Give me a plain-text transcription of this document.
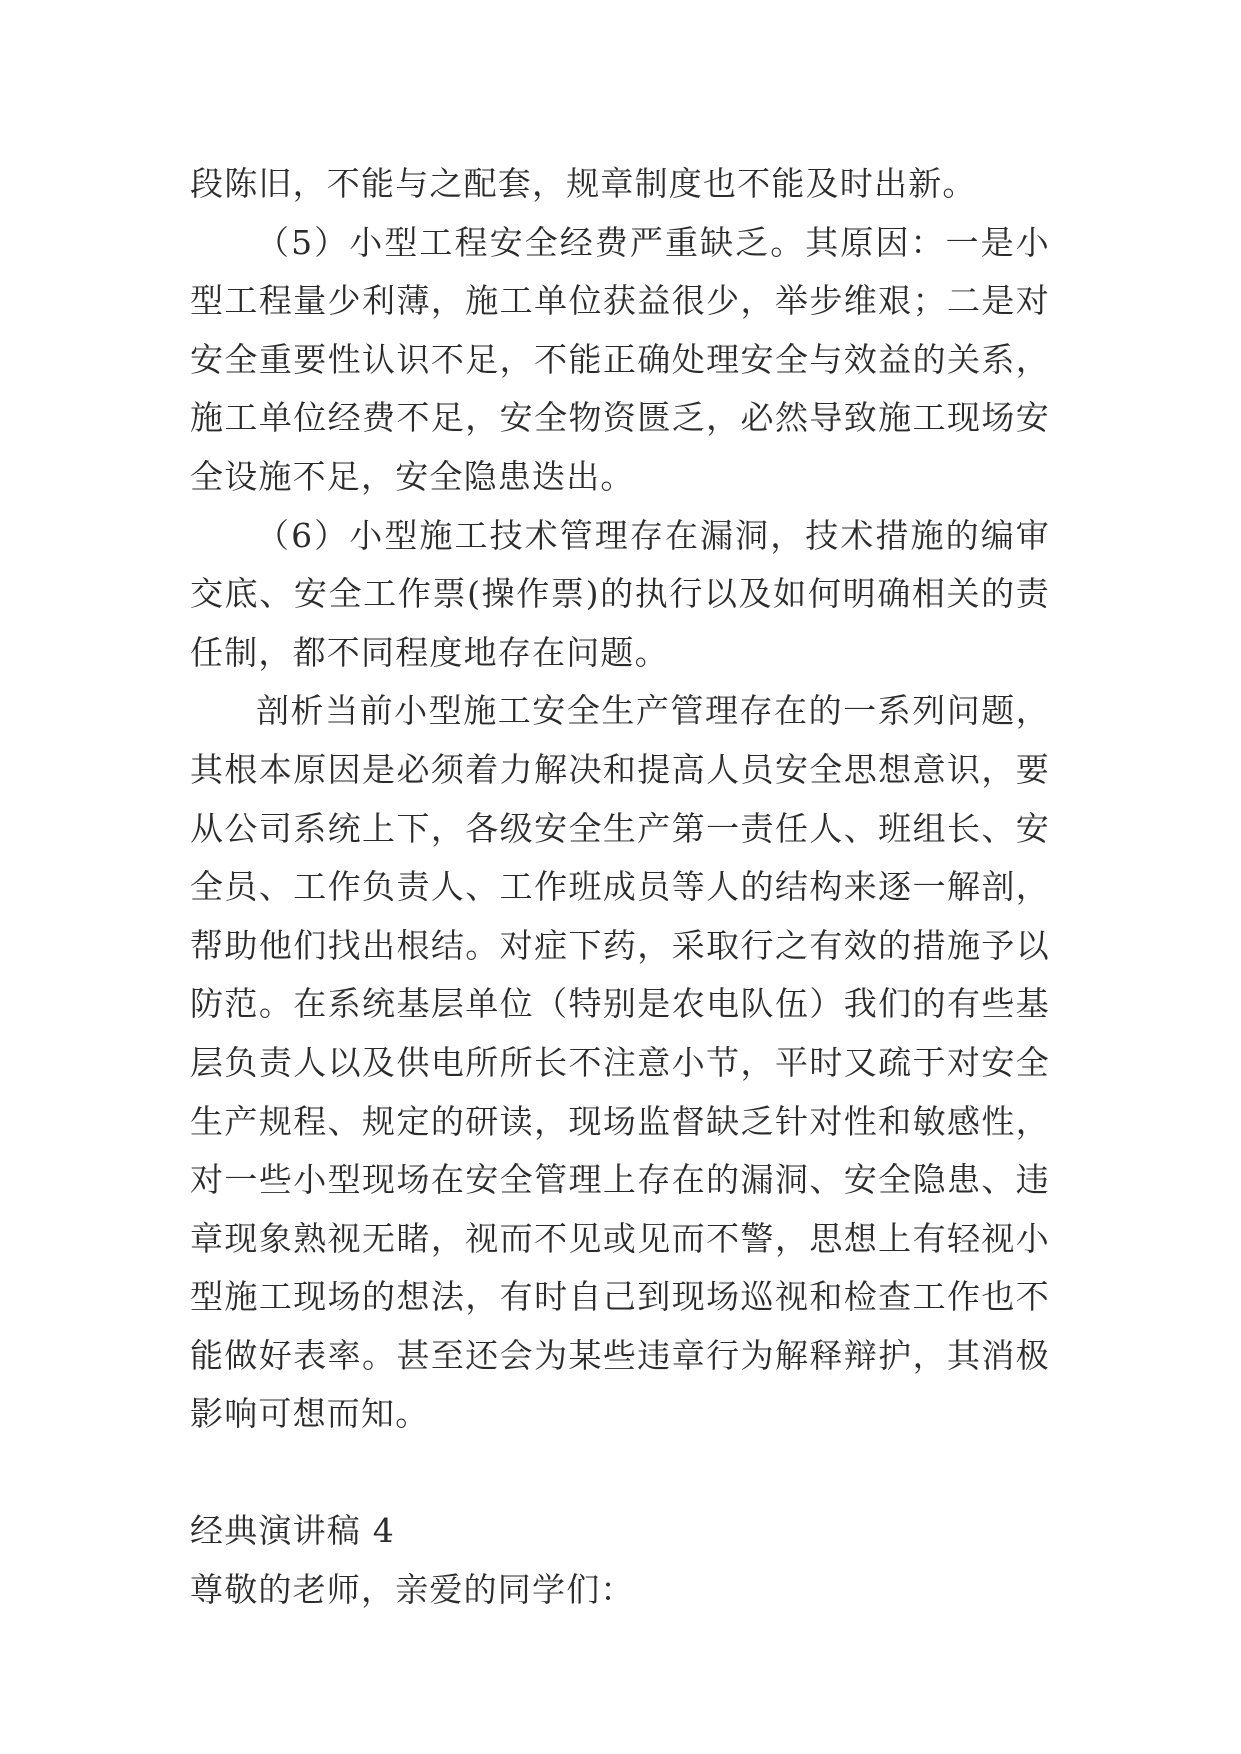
段陈旧，不能与之配套，规章制度也不能及时出新。

（5）小型工程安全经费严重缺乏。其原因：一是小型工程量少利薄，施工单位获益很少，举步维艰；二是对安全重要性认识不足，不能正确处理安全与效益的关系，施工单位经费不足，安全物资匮乏，必然导致施工现场安全设施不足，安全隐患迭出。

（6）小型施工技术管理存在漏洞，技术措施的编审交底、安全工作票(操作票)的执行以及如何明确相关的责任制，都不同程度地存在问题。

剖析当前小型施工安全生产管理存在的一系列问题，其根本原因是必须着力解决和提高人员安全思想意识，要从公司系统上下，各级安全生产第一责任人、班组长、安全员、工作负责人、工作班成员等人的结构来逐一解剖，帮助他们找出根结。对症下药，采取行之有效的措施予以防范。在系统基层单位（特别是农电队伍）我们的有些基层负责人以及供电所所长不注意小节，平时又疏于对安全生产规程、规定的研读，现场监督缺乏针对性和敏感性，对一些小型现场在安全管理上存在的漏洞、安全隐患、违章现象熟视无睹，视而不见或见而不警，思想上有轻视小型施工现场的想法，有时自己到现场巡视和检查工作也不能做好表率。甚至还会为某些违章行为解释辩护，其消极影响可想而知。

经典演讲稿 4

尊敬的老师，亲爱的同学们：
